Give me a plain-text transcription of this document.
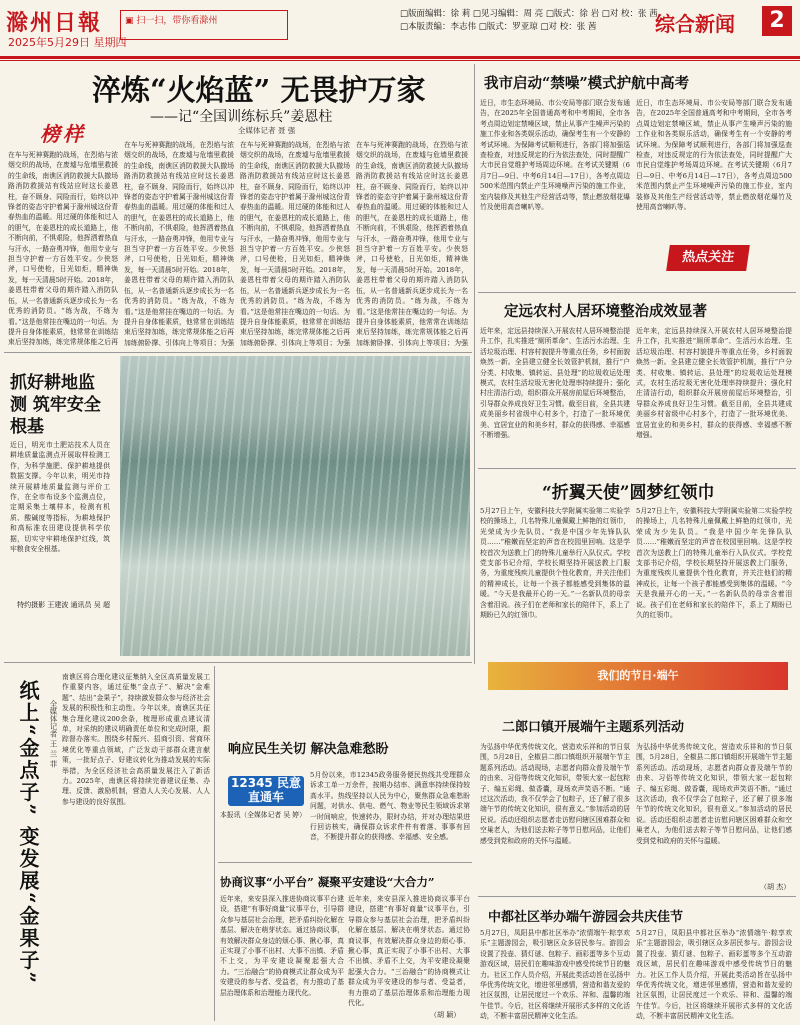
滁州日報
2025年5月29日 星期四
▣ 扫一扫，带你看滁州
□版面编辑：徐 莉 □见习编辑：周 亮 □版式：徐 岩 □对 校：张 茜
□本版责编：李志伟 □版式：罗亚琼 □对 校：张 茜	综合新闻	2
淬炼“火焰蓝” 无畏护万家
——记“全国训练标兵”姜恩柱
全媒体记者 聂 强
榜样
在车与死神赛跑的战场，在烈焰与浓烟交织的战场，在废墟与危墙里救援的生命线，南谯区消防救援大队撤场路消防救援站有线站应时这长姜恩柱，奋不顾身、同险而行，始终以冲锋者的姿态守护着属于滁州城这份青春热血的温暖。用过硬的体能和过人的胆气，在姜恩柱的成长道路上，他不断向前，不惧艰险，他挥洒着热血与汗水，一路奋勇冲锋，他用专业与担当守护着一方百姓平安。少侠怒斧，口号使枪，日光如炬，精神焕发，每一天清晨5时开始。2018年，姜恩柱带着父母的期许踏入消防队伍，从一名普通新兵逐步成长为一名优秀的消防员。“练为战，不练为看。”这是他常挂在嘴边的一句话。为提升自身体能素质，他常常在训练结束后坚持加练，练完常规体能之后再
在车与死神赛跑的战场，在烈焰与浓烟交织的战场，在废墟与危墙里救援的生命线，南谯区消防救援大队撤场路消防救援站有线站应时这长姜恩柱，奋不顾身、同险而行，始终以冲锋者的姿态守护着属于滁州城这份青春热血的温暖。用过硬的体能和过人的胆气，在姜恩柱的成长道路上，他不断向前，不惧艰险，他挥洒着热血与汗水，一路奋勇冲锋，他用专业与担当守护着一方百姓平安。少侠怒斧，口号使枪，日光如炬，精神焕发，每一天清晨5时开始。2018年，姜恩柱带着父母的期许踏入消防队伍，从一名普通新兵逐步成长为一名优秀的消防员。“练为战，不练为看。”这是他常挂在嘴边的一句话。为提升自身体能素质，他常常在训练结束后坚持加练，练完常规体能之后再加练俯卧撑、引体向上等项目；为强
在车与死神赛跑的战场，在烈焰与浓烟交织的战场，在废墟与危墙里救援的生命线，南谯区消防救援大队撤场路消防救援站有线站应时这长姜恩柱，奋不顾身、同险而行，始终以冲锋者的姿态守护着属于滁州城这份青春热血的温暖。用过硬的体能和过人的胆气，在姜恩柱的成长道路上，他不断向前，不惧艰险，他挥洒着热血与汗水，一路奋勇冲锋，他用专业与担当守护着一方百姓平安。少侠怒斧，口号使枪，日光如炬，精神焕发，每一天清晨5时开始。2018年，姜恩柱带着父母的期许踏入消防队伍，从一名普通新兵逐步成长为一名优秀的消防员。“练为战，不练为看。”这是他常挂在嘴边的一句话。为提升自身体能素质，他常常在训练结束后坚持加练，练完常规体能之后再加练俯卧撑、引体向上等项目；为强
在车与死神赛跑的战场，在烈焰与浓烟交织的战场，在废墟与危墙里救援的生命线，南谯区消防救援大队撤场路消防救援站有线站应时这长姜恩柱，奋不顾身、同险而行，始终以冲锋者的姿态守护着属于滁州城这份青春热血的温暖。用过硬的体能和过人的胆气，在姜恩柱的成长道路上，他不断向前，不惧艰险，他挥洒着热血与汗水，一路奋勇冲锋，他用专业与担当守护着一方百姓平安。少侠怒斧，口号使枪，日光如炬，精神焕发，每一天清晨5时开始。2018年，姜恩柱带着父母的期许踏入消防队伍，从一名普通新兵逐步成长为一名优秀的消防员。“练为战，不练为看。”这是他常挂在嘴边的一句话。为提升自身体能素质，他常常在训练结束后坚持加练，练完常规体能之后再加练俯卧撑、引体向上等项目；为强
抓好耕地监测 筑牢安全根基
近日，明光市土肥站技术人员在耕地质量监测点开展取样检测工作，为科学施肥、保护耕地提供数据支撑。今年以来，明光市持续开展耕地质量监测与评价工作，在全市布设多个监测点位，定期采集土壤样本，检测有机质、酸碱度等指标，为耕地保护和高标准农田建设提供科学依据，切实守牢耕地保护红线，筑牢粮食安全根基。
特约摄影 王建波 通讯员 吴 超
纸上“金点子” 变发展“金果子”	全媒体记者 王 兰 菲
南谯区将合理化建议征集纳入全区高质量发展工作重要内容，通过征集“金点子”、解决“金难题”、结出“金果子”，持续激发群众参与经济社会发展的积极性和主动性。今年以来，南谯区共征集合理化建议200余条，梳理形成重点建议清单，对采纳的建议明确责任单位和完成时限，跟踪督办落实。围绕乡村振兴、招商引资、营商环境优化等重点领域，广泛发动干部群众建言献策，一批好点子、好建议转化为推动发展的实际举措，为全区经济社会高质量发展注入了新活力。2025年，南谯区将持续完善建议征集、办理、反馈、激励机制，营造人人关心发展、人人参与建设的良好氛围。
响应民生关切 解决急难愁盼
12345 民意直通车
5月份以来，市12345政务服务便民热线共受理群众诉求工单一万余件，按期办结率、满意率持续保持较高水平。热线坚持以人民为中心，聚焦群众急难愁盼问题，对供水、供电、燃气、物业等民生领域诉求第一时间响应，快速转办，限时办结，并对办理结果进行回访核实，确保群众诉求件件有着落、事事有回音，不断提升群众的获得感、幸福感、安全感。
本报讯（全媒体记者 吴 婷）
协商议事“小平台” 凝聚平安建设“大合力”
近年来，来安县深入推进协商议事平台建设，搭建“有事好商量”议事平台，引导群众参与基层社会治理，把矛盾纠纷化解在基层、解决在萌芽状态。通过协商议事，有效解决群众身边的烦心事、揪心事，真正实现了小事不出村、大事不出镇、矛盾不上交，为平安建设凝聚起强大合力。“三治融合”的协商模式让群众成为平安建设的参与者、受益者，有力推动了基层治理体系和治理能力现代化。
近年来，来安县深入推进协商议事平台建设，搭建“有事好商量”议事平台，引导群众参与基层社会治理，把矛盾纠纷化解在基层、解决在萌芽状态。通过协商议事，有效解决群众身边的烦心事、揪心事，真正实现了小事不出村、大事不出镇、矛盾不上交，为平安建设凝聚起强大合力。“三治融合”的协商模式让群众成为平安建设的参与者、受益者，有力推动了基层治理体系和治理能力现代化。
（胡 颖）
我市启动“禁噪”模式护航中高考
近日，市生态环境局、市公安局等部门联合发布通告，在2025年全国普通高考和中考期间，全市各考点周边划定禁噪区域，禁止从事产生噪声污染的施工作业和各类娱乐活动，确保考生有一个安静的考试环境。为保障考试顺利进行，各部门将加强巡查检查，对违反规定的行为依法查处，同时提醒广大市民自觉维护考场周边环境。在考试关键期（6月7日—9日、中考6月14日—17日），各考点周边500米范围内禁止产生环境噪声污染的施工作业，室内装修及其他生产经营活动等，禁止燃放烟花爆竹及使用高音喇叭等。
近日，市生态环境局、市公安局等部门联合发布通告，在2025年全国普通高考和中考期间，全市各考点周边划定禁噪区域，禁止从事产生噪声污染的施工作业和各类娱乐活动，确保考生有一个安静的考试环境。为保障考试顺利进行，各部门将加强巡查检查，对违反规定的行为依法查处，同时提醒广大市民自觉维护考场周边环境。在考试关键期（6月7日—9日、中考6月14日—17日），各考点周边500米范围内禁止产生环境噪声污染的施工作业，室内装修及其他生产经营活动等，禁止燃放烟花爆竹及使用高音喇叭等。
热点关注
定远农村人居环境整治成效显著
近年来，定远县持续深入开展农村人居环境整治提升工作，扎实推进“厕所革命”、生活污水治理、生活垃圾治理、村容村貌提升等重点任务，乡村面貌焕然一新。全县建立健全长效管护机制，推行“户分类、村收集、镇转运、县处理”的垃圾收运处理模式，农村生活垃圾无害化处理率持续提升；强化村庄清洁行动，组织群众开展房前屋后环境整治，引导群众养成良好卫生习惯。截至目前，全县共建成美丽乡村省级中心村多个，打造了一批环境优美、宜居宜业的和美乡村，群众的获得感、幸福感不断增强。
近年来，定远县持续深入开展农村人居环境整治提升工作，扎实推进“厕所革命”、生活污水治理、生活垃圾治理、村容村貌提升等重点任务，乡村面貌焕然一新。全县建立健全长效管护机制，推行“户分类、村收集、镇转运、县处理”的垃圾收运处理模式，农村生活垃圾无害化处理率持续提升；强化村庄清洁行动，组织群众开展房前屋后环境整治，引导群众养成良好卫生习惯。截至目前，全县共建成美丽乡村省级中心村多个，打造了一批环境优美、宜居宜业的和美乡村，群众的获得感、幸福感不断增强。
“折翼天使”圆梦红领巾
5月27日上午，安徽科技大学附属实验第二实验学校的操场上，几名特殊儿童佩戴上鲜艳的红领巾，光荣成为少先队员。“我是中国少年先锋队队员……”稚嫩而坚定的声音在校园里回响。这是学校首次为送教上门的特殊儿童举行入队仪式。学校党支部书记介绍，学校长期坚持开展送教上门服务，为重度残疾儿童提供个性化教育，并关注他们的精神成长，让每一个孩子都能感受到集体的温暖。“今天是我最开心的一天。”一名新队员的母亲含着泪说。孩子们在老师和家长的陪伴下，系上了期盼已久的红领巾。
5月27日上午，安徽科技大学附属实验第二实验学校的操场上，几名特殊儿童佩戴上鲜艳的红领巾，光荣成为少先队员。“我是中国少年先锋队队员……”稚嫩而坚定的声音在校园里回响。这是学校首次为送教上门的特殊儿童举行入队仪式。学校党支部书记介绍，学校长期坚持开展送教上门服务，为重度残疾儿童提供个性化教育，并关注他们的精神成长，让每一个孩子都能感受到集体的温暖。“今天是我最开心的一天。”一名新队员的母亲含着泪说。孩子们在老师和家长的陪伴下，系上了期盼已久的红领巾。
我们的节日·端午
二郎口镇开展端午主题系列活动
为弘扬中华优秀传统文化，营造欢乐祥和的节日氛围，5月28日，全椒县二郎口镇组织开展端午节主题系列活动。活动现场，志愿者向群众普及端午节的由来、习俗等传统文化知识，带领大家一起包粽子、编五彩绳、做香囊，现场欢声笑语不断。“通过这次活动，我不仅学会了包粽子，还了解了很多端午节的传统文化知识，很有意义。”参加活动的居民说。活动还组织志愿者走访慰问辖区困难群众和空巢老人，为他们送去粽子等节日慰问品，让他们感受到党和政府的关怀与温暖。
为弘扬中华优秀传统文化，营造欢乐祥和的节日氛围，5月28日，全椒县二郎口镇组织开展端午节主题系列活动。活动现场，志愿者向群众普及端午节的由来、习俗等传统文化知识，带领大家一起包粽子、编五彩绳、做香囊，现场欢声笑语不断。“通过这次活动，我不仅学会了包粽子，还了解了很多端午节的传统文化知识，很有意义。”参加活动的居民说。活动还组织志愿者走访慰问辖区困难群众和空巢老人，为他们送去粽子等节日慰问品，让他们感受到党和政府的关怀与温暖。
（胡 杰）
中都社区举办端午游园会共庆佳节
5月27日，凤阳县中都社区举办“浓情端午·粽享欢乐”主题游园会，吸引辖区众多居民参与。游园会设置了投壶、猜灯谜、包粽子、画彩蛋等多个互动游戏区域，居民们在趣味游戏中感受传统节日的魅力。社区工作人员介绍，开展此类活动旨在弘扬中华优秀传统文化，增进邻里感情，营造和谐友爱的社区氛围，让居民度过一个欢乐、祥和、温馨的端午佳节。今后，社区将继续开展形式多样的文化活动，不断丰富居民精神文化生活。
5月27日，凤阳县中都社区举办“浓情端午·粽享欢乐”主题游园会，吸引辖区众多居民参与。游园会设置了投壶、猜灯谜、包粽子、画彩蛋等多个互动游戏区域，居民们在趣味游戏中感受传统节日的魅力。社区工作人员介绍，开展此类活动旨在弘扬中华优秀传统文化，增进邻里感情，营造和谐友爱的社区氛围，让居民度过一个欢乐、祥和、温馨的端午佳节。今后，社区将继续开展形式多样的文化活动，不断丰富居民精神文化生活。
